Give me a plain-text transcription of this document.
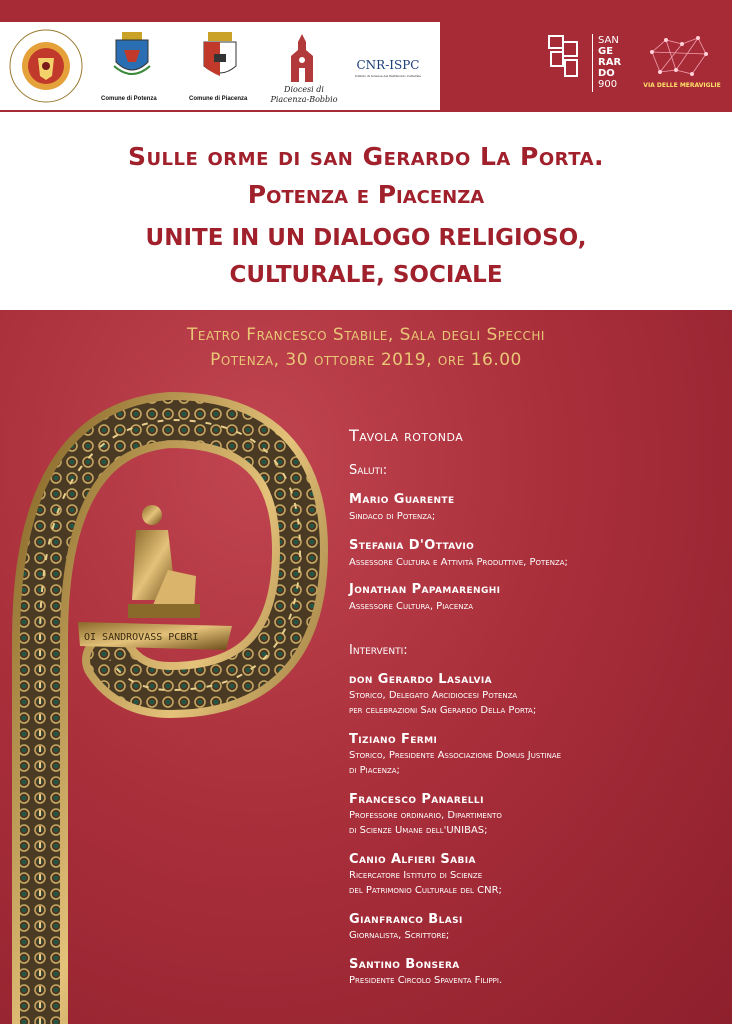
Comune di Potenza	Comune di Piacenza
Diocesi di
Piacenza-Bobbio
CNR-ISPC
Istituto di Scienze del Patrimonio Culturale
SAN
GE
RAR
DO
900	VIA DELLE MERAVIGLIE
Sulle orme di san Gerardo La Porta.
Potenza e Piacenza
UNITE IN UN DIALOGO RELIGIOSO,
CULTURALE, SOCIALE
Teatro Francesco Stabile, Sala degli Specchi
Potenza, 30 ottobre 2019, ore 16.00
OI SANDROVASS PCBRI
Tavola rotonda
Saluti:
Mario Guarente
Sindaco di Potenza;
Stefania D'Ottavio
Assessore Cultura e Attività Produttive, Potenza;
Jonathan Papamarenghi
Assessore Cultura, Piacenza
Interventi:
don Gerardo Lasalvia
Storico, Delegato Arcidiocesi Potenza
per celebrazioni San Gerardo Della Porta;
Tiziano Fermi
Storico, Presidente Associazione Domus Justinae
di Piacenza;
Francesco Panarelli
Professore ordinario, Dipartimento
di Scienze Umane dell'UNIBAS;
Canio Alfieri Sabia
Ricercatore Istituto di Scienze
del Patrimonio Culturale del CNR;
Gianfranco Blasi
Giornalista, Scrittore;
Santino Bonsera
Presidente Circolo Spaventa Filippi.
